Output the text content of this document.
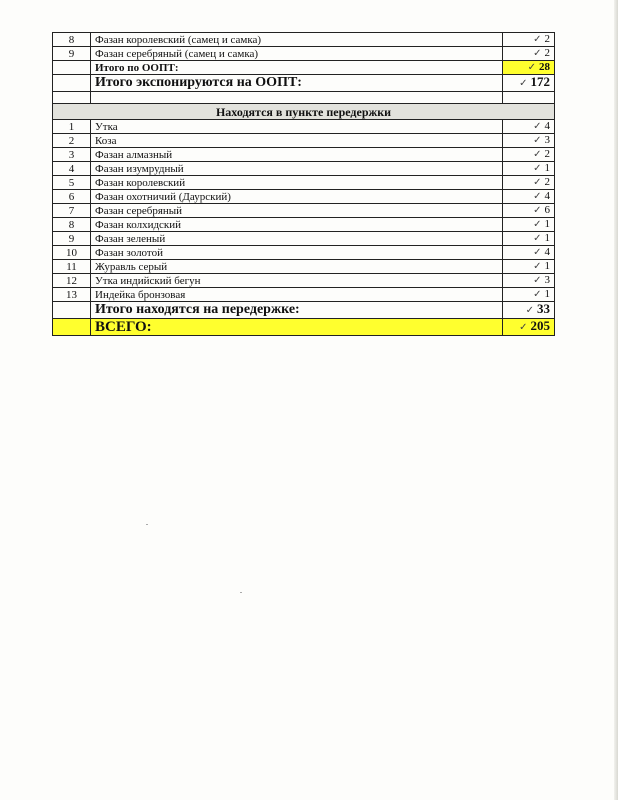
8	Фазан королевский (самец и самка)	✓ 2
9	Фазан серебряный (самец и самка)	✓ 2
	Итого по ООПТ:	✓ 28
	Итого экспонируются на ООПТ:	✓ 172

Находятся в пункте передержки		
1	Утка	✓ 4
2	Коза	✓ 3
3	Фазан алмазный	✓ 2
4	Фазан изумрудный	✓ 1
5	Фазан королевский	✓ 2
6	Фазан охотничий (Даурский)	✓ 4
7	Фазан серебряный	✓ 6
8	Фазан колхидский	✓ 1
9	Фазан зеленый	✓ 1
10	Фазан золотой	✓ 4
11	Журавль серый	✓ 1
12	Утка индийский бегун	✓ 3
13	Индейка бронзовая	✓ 1
	Итого находятся на передержке:	✓ 33
	ВСЕГО:	✓ 205
